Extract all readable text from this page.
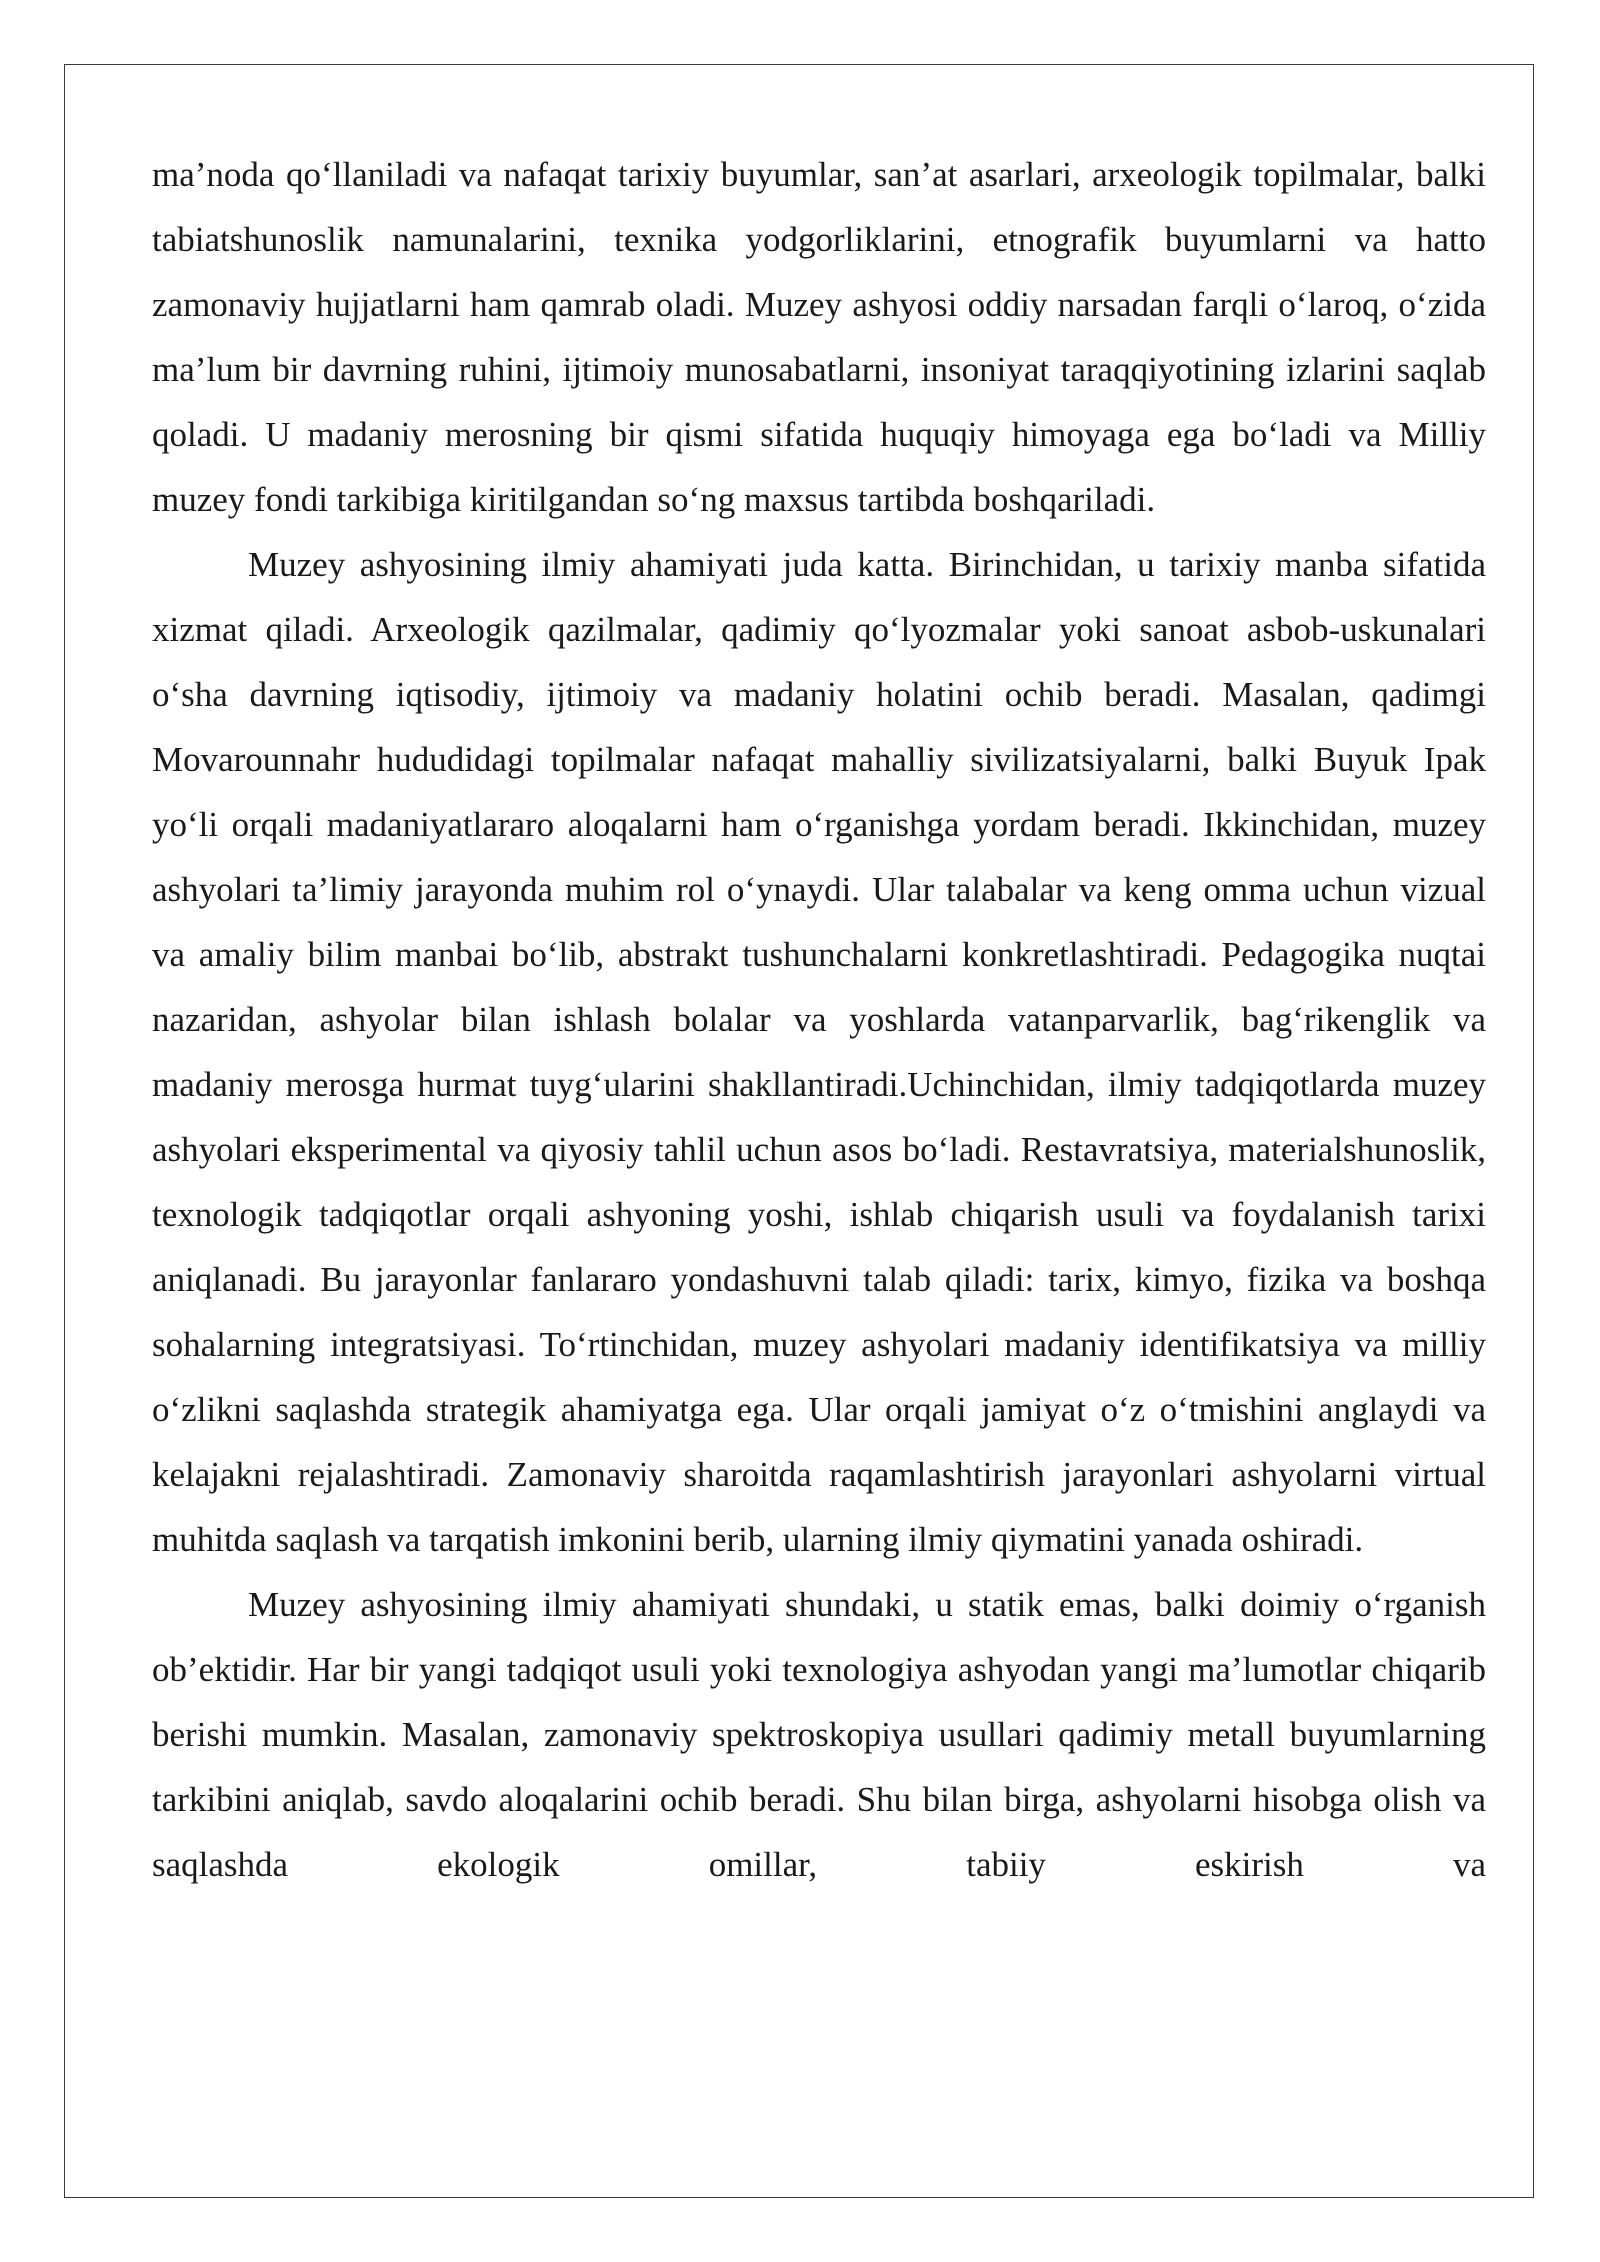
ma’noda qo‘llaniladi va nafaqat tarixiy buyumlar, san’at asarlari, arxeologik topilmalar, balki tabiatshunoslik namunalarini, texnika yodgorliklarini, etnografik buyumlarni va hatto zamonaviy hujjatlarni ham qamrab oladi. Muzey ashyosi oddiy narsadan farqli o‘laroq, o‘zida ma’lum bir davrning ruhini, ijtimoiy munosabatlarni, insoniyat taraqqiyotining izlarini saqlab qoladi. U madaniy merosning bir qismi sifatida huquqiy himoyaga ega bo‘ladi va Milliy muzey fondi tarkibiga kiritilgandan so‘ng maxsus tartibda boshqariladi.

Muzey ashyosining ilmiy ahamiyati juda katta. Birinchidan, u tarixiy manba sifatida xizmat qiladi. Arxeologik qazilmalar, qadimiy qo‘lyozmalar yoki sanoat asbob-uskunalari o‘sha davrning iqtisodiy, ijtimoiy va madaniy holatini ochib beradi. Masalan, qadimgi Movarounnahr hududidagi topilmalar nafaqat mahalliy sivilizatsiyalarni, balki Buyuk Ipak yo‘li orqali madaniyatlararo aloqalarni ham o‘rganishga yordam beradi. Ikkinchidan, muzey ashyolari ta’limiy jarayonda muhim rol o‘ynaydi. Ular talabalar va keng omma uchun vizual va amaliy bilim manbai bo‘lib, abstrakt tushunchalarni konkretlashtiradi. Pedagogika nuqtai nazaridan, ashyolar bilan ishlash bolalar va yoshlarda vatanparvarlik, bag‘rikenglik va madaniy merosga hurmat tuyg‘ularini shakllantiradi.Uchinchidan, ilmiy tadqiqotlarda muzey ashyolari eksperimental va qiyosiy tahlil uchun asos bo‘ladi. Restavratsiya, materialshunoslik, texnologik tadqiqotlar orqali ashyoning yoshi, ishlab chiqarish usuli va foydalanish tarixi aniqlanadi. Bu jarayonlar fanlararo yondashuvni talab qiladi: tarix, kimyo, fizika va boshqa sohalarning integratsiyasi. To‘rtinchidan, muzey ashyolari madaniy identifikatsiya va milliy o‘zlikni saqlashda strategik ahamiyatga ega. Ular orqali jamiyat o‘z o‘tmishini anglaydi va kelajakni rejalashtiradi. Zamonaviy sharoitda raqamlashtirish jarayonlari ashyolarni virtual muhitda saqlash va tarqatish imkonini berib, ularning ilmiy qiymatini yanada oshiradi.

Muzey ashyosining ilmiy ahamiyati shundaki, u statik emas, balki doimiy o‘rganish ob’ektidir. Har bir yangi tadqiqot usuli yoki texnologiya ashyodan yangi ma’lumotlar chiqarib berishi mumkin. Masalan, zamonaviy spektroskopiya usullari qadimiy metall buyumlarning tarkibini aniqlab, savdo aloqalarini ochib beradi. Shu bilan birga, ashyolarni hisobga olish va saqlashda ekologik omillar, tabiiy eskirish va
